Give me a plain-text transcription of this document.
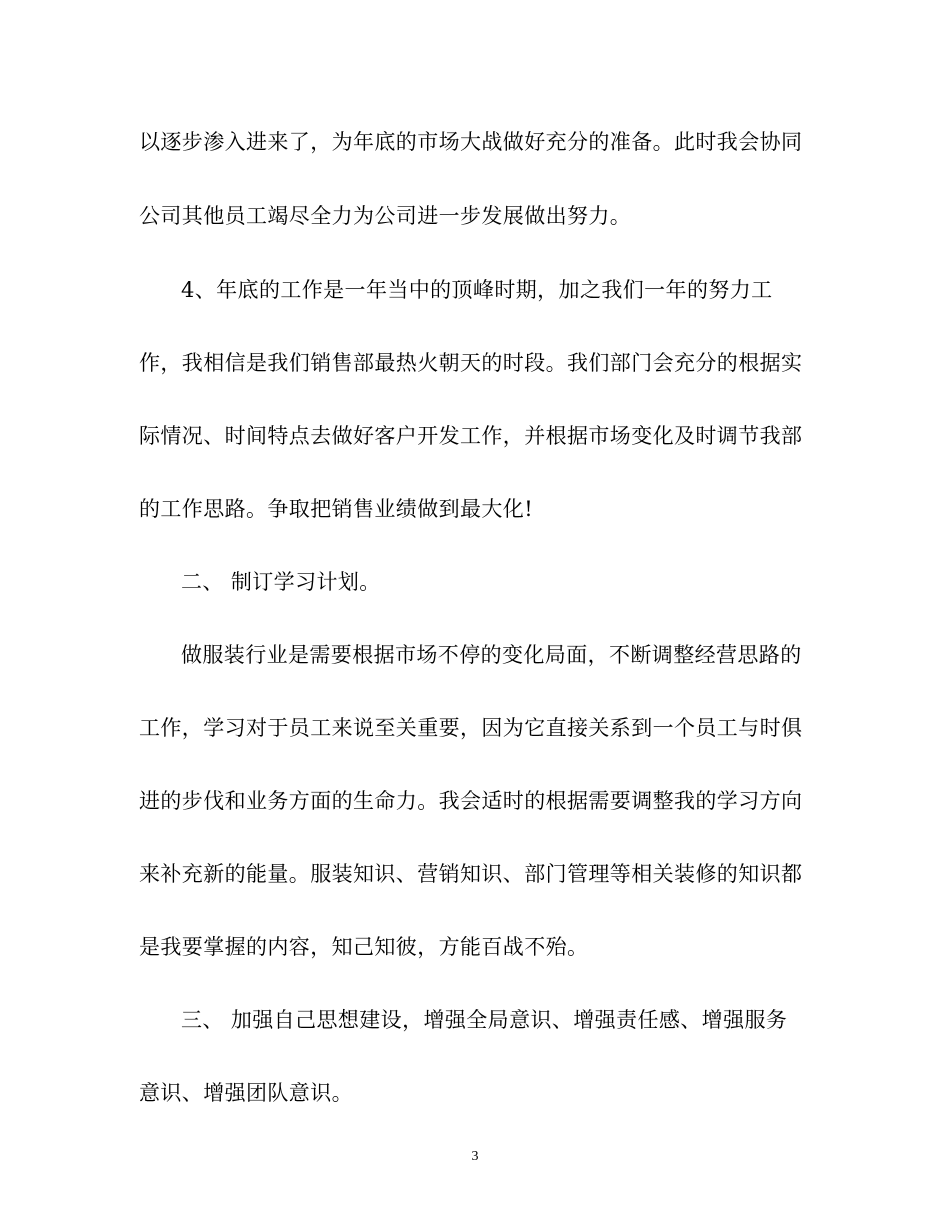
以逐步渗入进来了，为年底的市场大战做好充分的准备。此时我会协同
公司其他员工竭尽全力为公司进一步发展做出努力。
4、年底的工作是一年当中的顶峰时期，加之我们一年的努力工
作，我相信是我们销售部最热火朝天的时段。我们部门会充分的根据实
际情况、时间特点去做好客户开发工作，并根据市场变化及时调节我部
的工作思路。争取把销售业绩做到最大化!
二、 制订学习计划。
做服装行业是需要根据市场不停的变化局面，不断调整经营思路的
工作，学习对于员工来说至关重要，因为它直接关系到一个员工与时俱
进的步伐和业务方面的生命力。我会适时的根据需要调整我的学习方向
来补充新的能量。服装知识、营销知识、部门管理等相关装修的知识都
是我要掌握的内容，知己知彼，方能百战不殆。
三、 加强自己思想建设，增强全局意识、增强责任感、增强服务
意识、增强团队意识。
3
